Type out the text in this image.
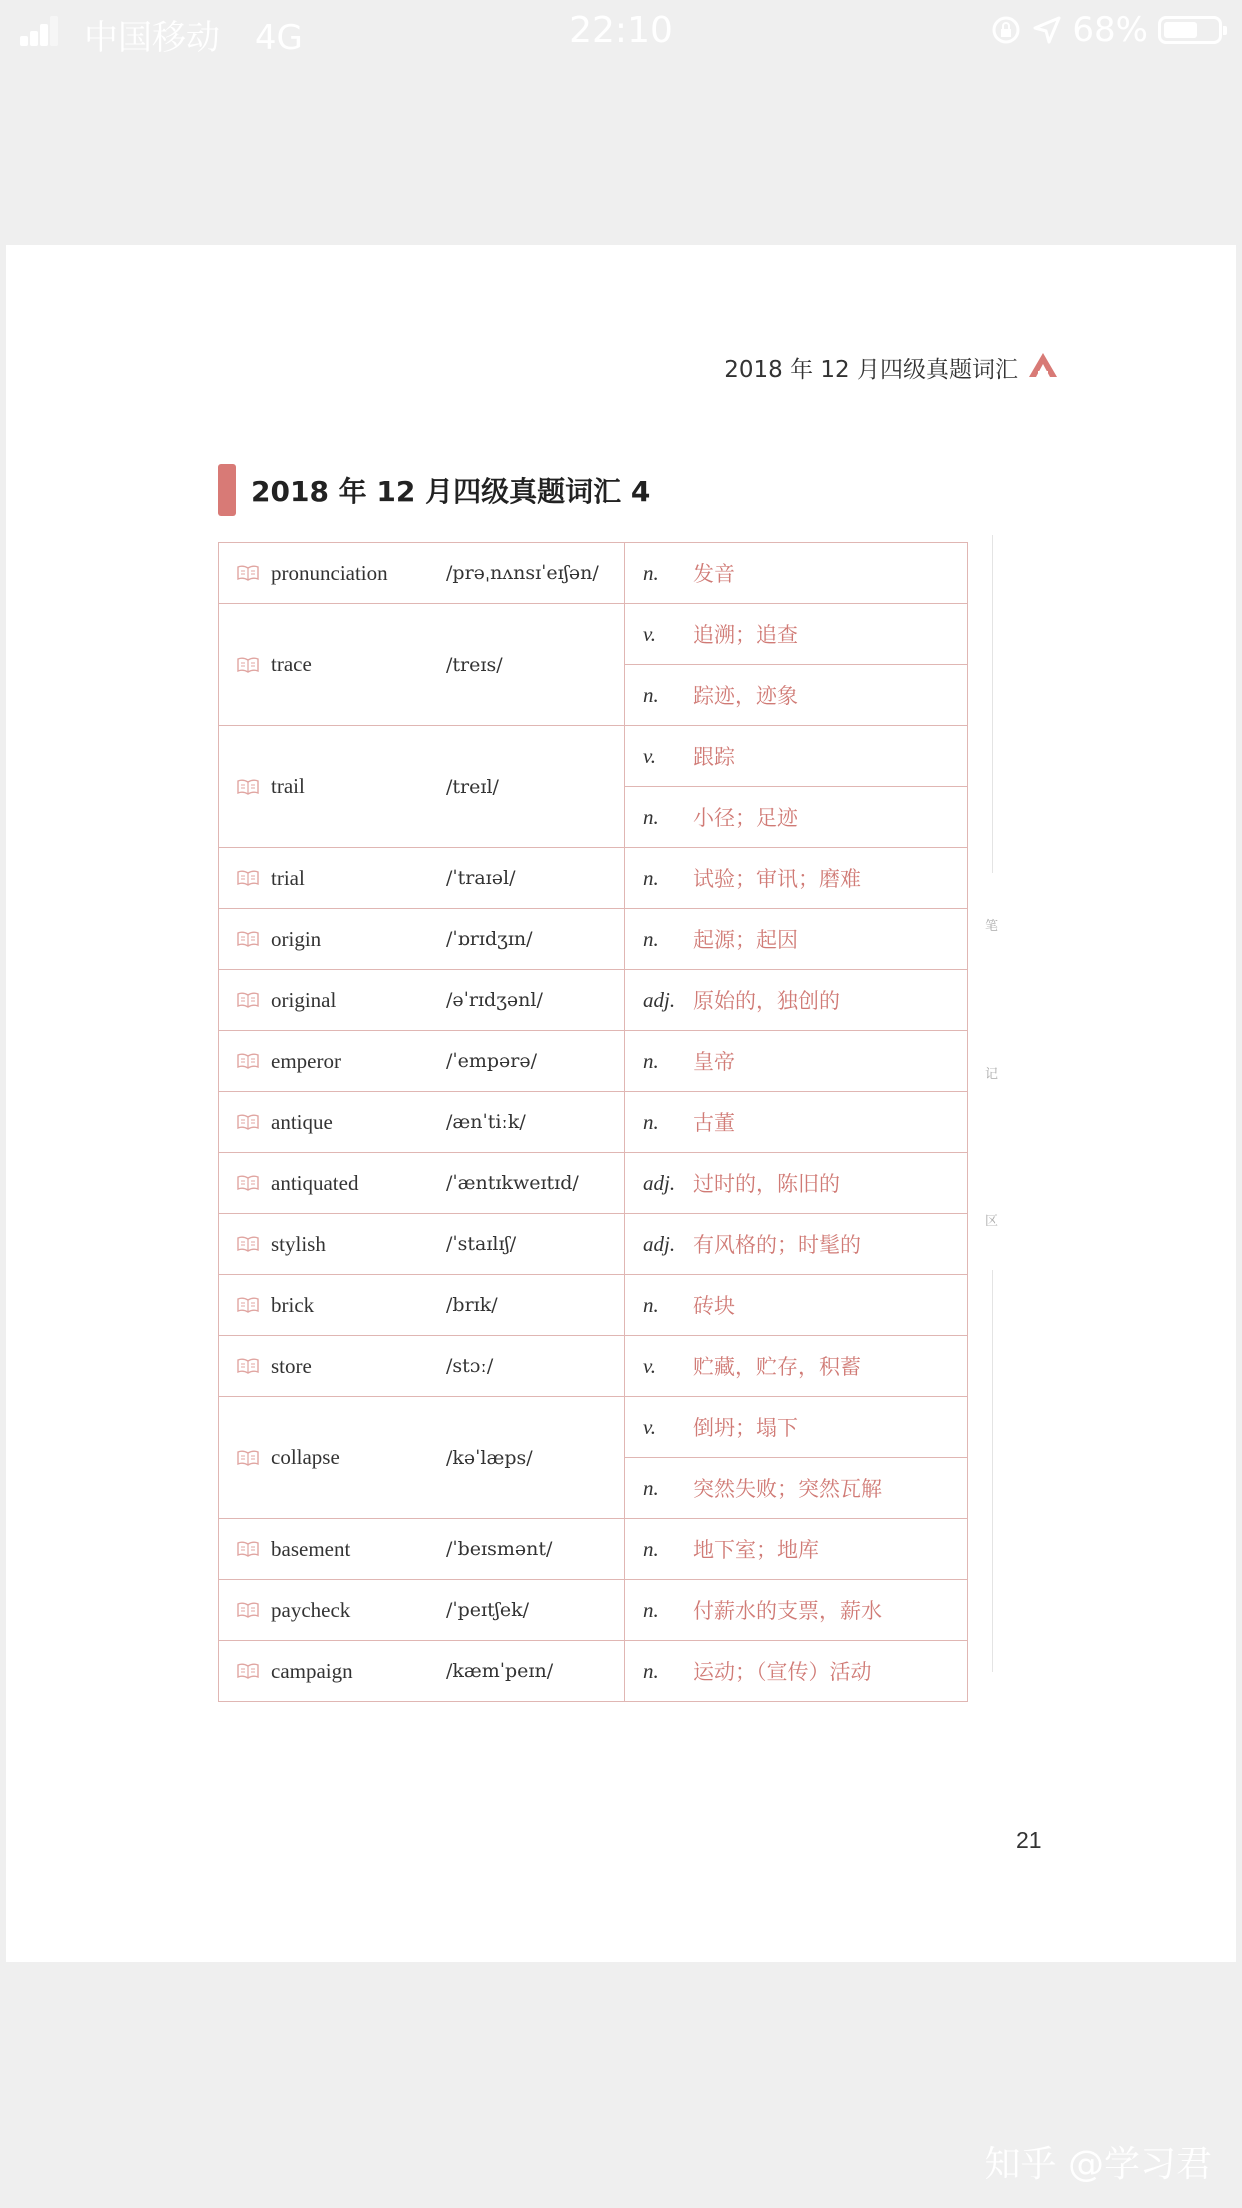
中国移动 4G	22:10	68%
2018 年 12 月四级真题词汇
2018 年 12 月四级真题词汇 4
pronunciation /prəˌnʌnsɪˈeɪʃən/	n. 发音

trace /treɪs/	v. 追溯；追查

	n. 踪迹，迹象

trail /treɪl/	v. 跟踪

	n. 小径；足迹

trial /ˈtraɪəl/	n. 试验；审讯；磨难

origin /ˈɒrɪdʒɪn/	n. 起源；起因

original /əˈrɪdʒənl/	adj. 原始的，独创的

emperor /ˈempərə/	n. 皇帝

antique /ænˈtiːk/	n. 古董

antiquated /ˈæntɪkweɪtɪd/	adj. 过时的，陈旧的

stylish /ˈstaɪlɪʃ/	adj. 有风格的；时髦的

brick /brɪk/	n. 砖块

store /stɔː/	v. 贮藏，贮存，积蓄

collapse /kəˈlæps/	v. 倒坍；塌下

	n. 突然失败；突然瓦解

basement /ˈbeɪsmənt/	n. 地下室；地库

paycheck /ˈpeɪtʃek/	n. 付薪水的支票，薪水

campaign /kæmˈpeɪn/	n. 运动；（宣传）活动
笔
记
区
21
知乎 @学习君
